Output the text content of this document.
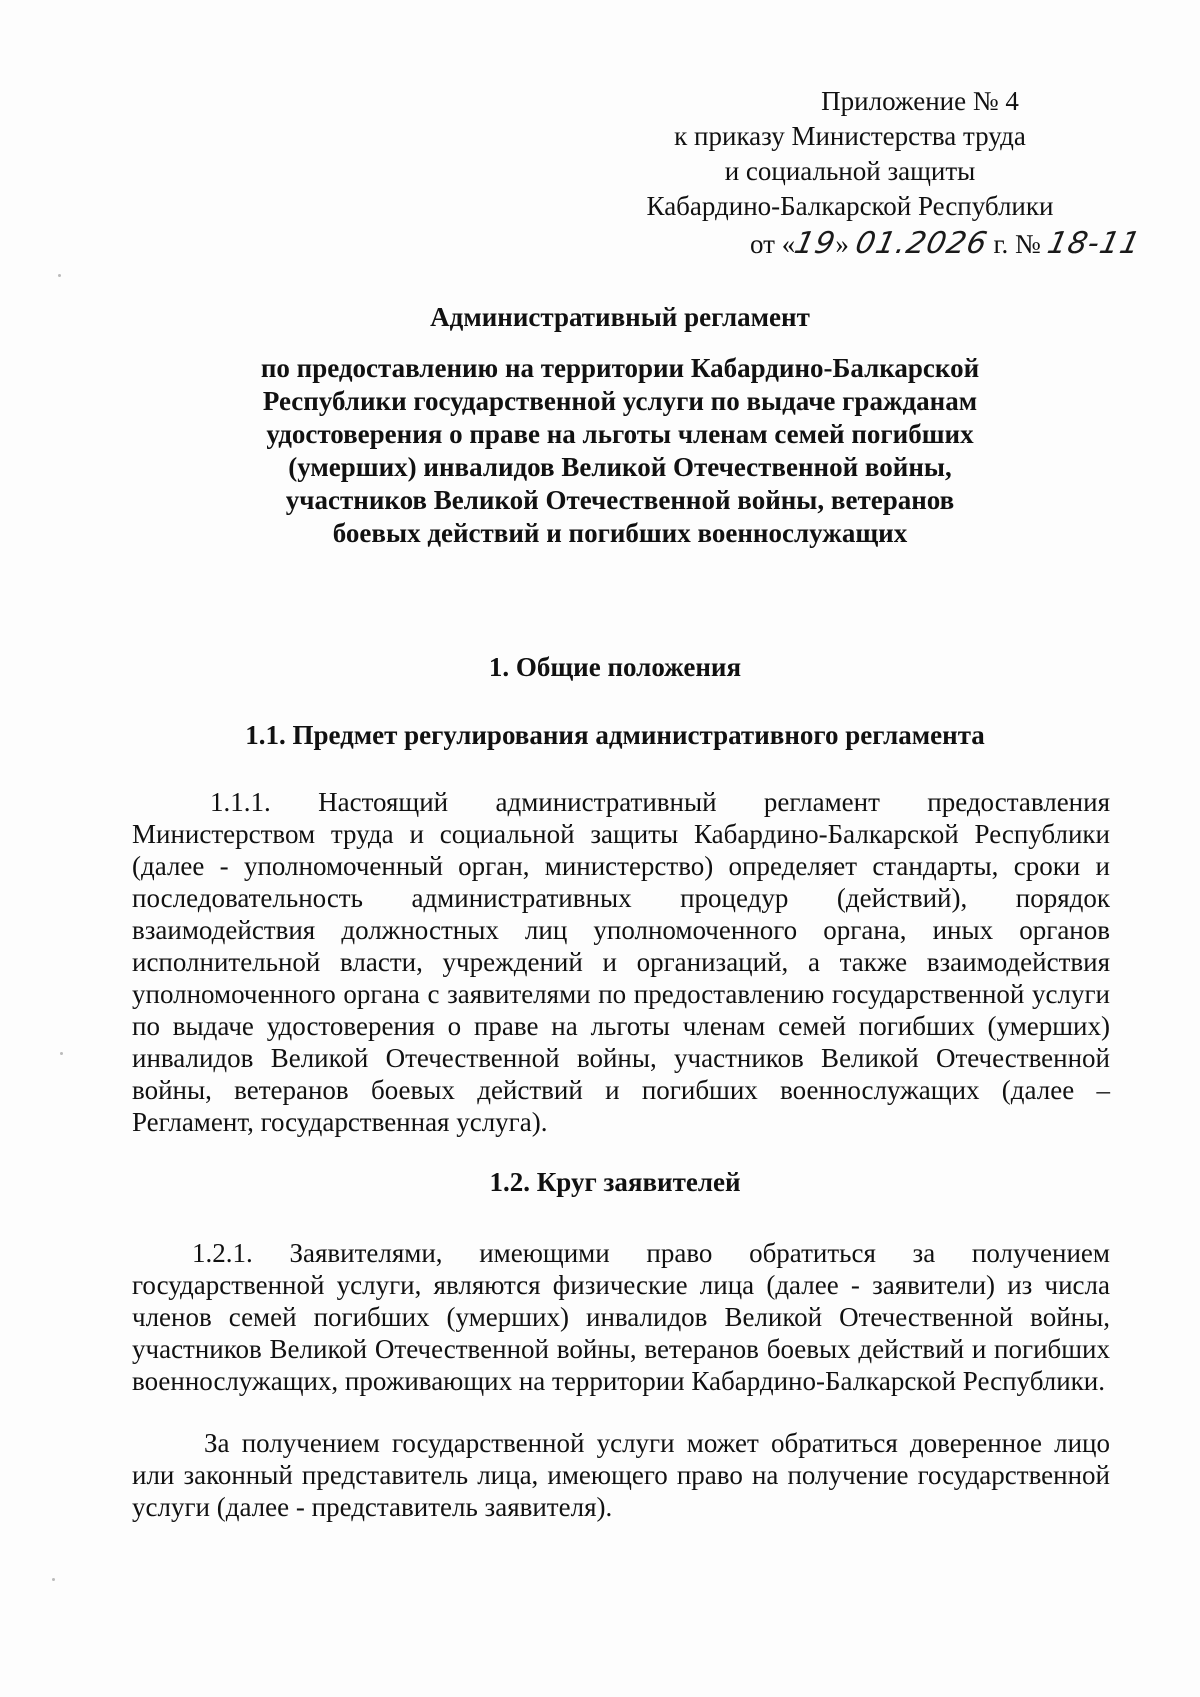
Приложение № 4
к приказу Министерства труда
и социальной защиты
Кабардино-Балкарской Республики
от «19» 01.2026 г. № 18-11
Административный регламент
по предоставлению на территории Кабардино-Балкарской
Республики государственной услуги по выдаче гражданам
удостоверения о праве на льготы членам семей погибших
(умерших) инвалидов Великой Отечественной войны,
участников Великой Отечественной войны, ветеранов
боевых действий и погибших военнослужащих
1. Общие положения
1.1. Предмет регулирования административного регламента
1.1.1. Настоящий административный регламент предоставления Министерством труда и социальной защиты Кабардино-Балкарской Республики (далее - уполномоченный орган, министерство) определяет стандарты, сроки и последовательность административных процедур (действий), порядок взаимодействия должностных лиц уполномоченного органа, иных органов исполнительной власти, учреждений и организаций, а также взаимодействия уполномоченного органа с заявителями по предоставлению государственной услуги по выдаче удостоверения о праве на льготы членам семей погибших (умерших) инвалидов Великой Отечественной войны, участников Великой Отечественной войны, ветеранов боевых действий и погибших военнослужащих (далее – Регламент, государственная услуга).
1.2. Круг заявителей
1.2.1. Заявителями, имеющими право обратиться за получением государственной услуги, являются физические лица (далее - заявители) из числа членов семей погибших (умерших) инвалидов Великой Отечественной войны, участников Великой Отечественной войны, ветеранов боевых действий и погибших военнослужащих, проживающих на территории Кабардино-Балкарской Республики.
За получением государственной услуги может обратиться доверенное лицо или законный представитель лица, имеющего право на получение государственной услуги (далее - представитель заявителя).
